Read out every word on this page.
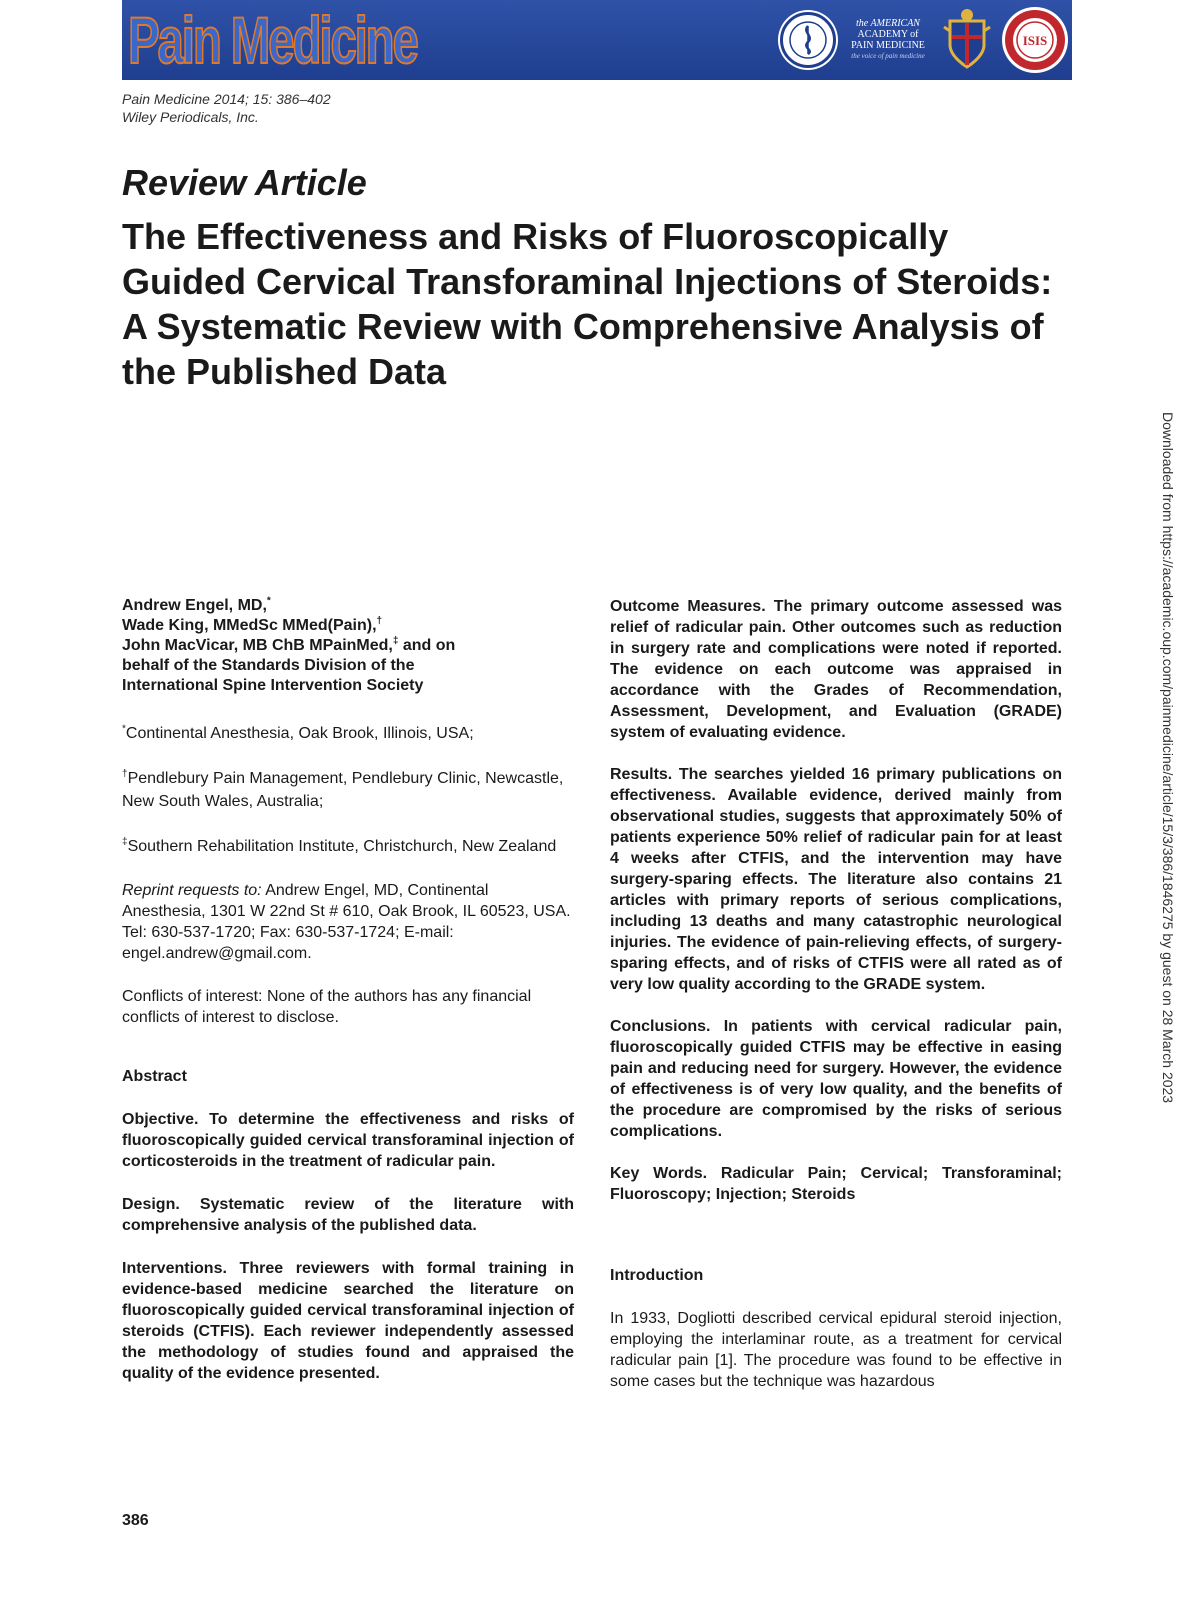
Pain Medicine	the AMERICAN
ACADEMY of
PAIN MEDICINE
the voice of pain medicine
ISIS
Pain Medicine 2014; 15: 386–402
Wiley Periodicals, Inc.
Review Article
The Effectiveness and Risks of Fluoroscopically Guided Cervical Transforaminal Injections of Steroids: A Systematic Review with Comprehensive Analysis of the Published Data
Downloaded from https://academic.oup.com/painmedicine/article/15/3/386/1846275 by guest on 28 March 2023
Andrew Engel, MD,*
Wade King, MMedSc MMed(Pain),†
John MacVicar, MB ChB MPainMed,‡ and on
behalf of the Standards Division of the
International Spine Intervention Society
*Continental Anesthesia, Oak Brook, Illinois, USA;
†Pendlebury Pain Management, Pendlebury Clinic, Newcastle, New South Wales, Australia;
‡Southern Rehabilitation Institute, Christchurch, New Zealand
Reprint requests to: Andrew Engel, MD, Continental Anesthesia, 1301 W 22nd St # 610, Oak Brook, IL 60523, USA. Tel: 630-537-1720; Fax: 630-537-1724; E-mail: engel.andrew@gmail.com.
Conflicts of interest: None of the authors has any financial conflicts of interest to disclose.
Abstract
Objective. To determine the effectiveness and risks of fluoroscopically guided cervical transforaminal injection of corticosteroids in the treatment of radicular pain.
Design. Systematic review of the literature with comprehensive analysis of the published data.
Interventions. Three reviewers with formal training in evidence-based medicine searched the literature on fluoroscopically guided cervical transforaminal injection of steroids (CTFIS). Each reviewer independently assessed the methodology of studies found and appraised the quality of the evidence presented.
Outcome Measures. The primary outcome assessed was relief of radicular pain. Other outcomes such as reduction in surgery rate and complications were noted if reported. The evidence on each outcome was appraised in accordance with the Grades of Recommendation, Assessment, Development, and Evaluation (GRADE) system of evaluating evidence.
Results. The searches yielded 16 primary publications on effectiveness. Available evidence, derived mainly from observational studies, suggests that approximately 50% of patients experience 50% relief of radicular pain for at least 4 weeks after CTFIS, and the intervention may have surgery-sparing effects. The literature also contains 21 articles with primary reports of serious complications, including 13 deaths and many catastrophic neurological injuries. The evidence of pain-relieving effects, of surgery-sparing effects, and of risks of CTFIS were all rated as of very low quality according to the GRADE system.
Conclusions. In patients with cervical radicular pain, fluoroscopically guided CTFIS may be effective in easing pain and reducing need for surgery. However, the evidence of effectiveness is of very low quality, and the benefits of the procedure are compromised by the risks of serious complications.
Key Words. Radicular Pain; Cervical; Transforaminal; Fluoroscopy; Injection; Steroids
Introduction
In 1933, Dogliotti described cervical epidural steroid injection, employing the interlaminar route, as a treatment for cervical radicular pain [1]. The procedure was found to be effective in some cases but the technique was hazardous
386
